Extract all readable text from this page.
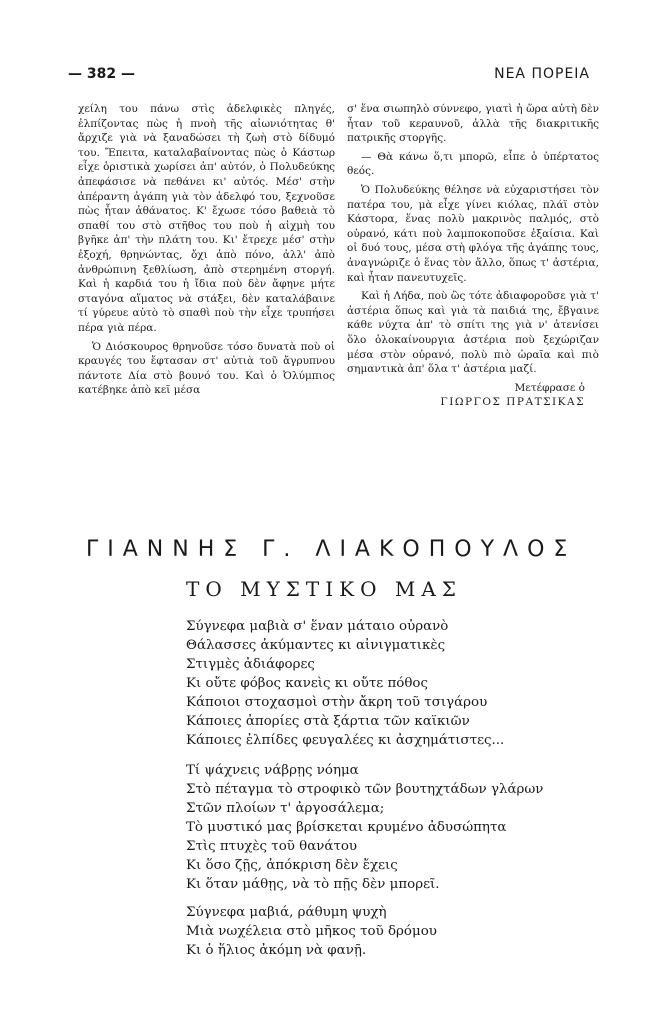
— 382 —	ΝΕΑ ΠΟΡΕΙΑ

χείλη του πάνω στὶς ἀδελφικὲς πληγές, ἐλπίζοντας πὼς ἡ πνοὴ τῆς αἰωνιότητας θ' ἄρχιζε γιὰ νὰ ξαναδώσει τὴ ζωὴ στὸ δίδυμό του. Ἔπειτα, καταλαβαίνοντας πὼς ὁ Κάστωρ εἶχε ὁριστικὰ χωρίσει ἀπ' αὐτόν, ὁ Πολυδεύκης ἀπεφάσισε νὰ πεθάνει κι' αὐτός. Μέσ' στὴν ἀπέραντη ἀγάπη γιὰ τὸν ἀδελφό του, ξεχνοῦσε πὼς ἦταν ἀθάνατος. Κ' ἔχωσε τόσο βαθειὰ τὸ σπαθί του στὸ στῆθος του ποὺ ἡ αἰχμὴ του βγῆκε ἀπ' τὴν πλάτη του. Κι' ἔτρεχε μέσ' στὴν ἐξοχή, θρηνώντας, ὄχι ἀπὸ πόνο, ἀλλ' ἀπὸ ἀνθρώπινη ξεθλίωση, ἀπὸ στερημένη στοργή. Καὶ ἡ καρδιά του ἡ ἴδια ποὺ δὲν ἄφηνε μήτε σταγόνα αἵματος νὰ στάξει, δὲν καταλάβαινε τί γύρευε αὐτὸ τὸ σπαθὶ ποὺ τὴν εἶχε τρυπήσει πέρα γιὰ πέρα.

Ὁ Διόσκουρος θρηνοῦσε τόσο δυνατὰ ποὺ οἱ κραυγές του ἔφτασαν στ' αὐτιὰ τοῦ ἄγρυπνου πάντοτε Δία στὸ βουνό του. Καὶ ὁ Ὀλύμπιος κατέβηκε ἀπὸ κεῖ μέσα

σ' ἕνα σιωπηλὸ σύννεφο, γιατὶ ἡ ὥρα αὐτὴ δὲν ἦταν τοῦ κεραυνοῦ, ἀλλὰ τῆς διακριτικῆς πατρικῆς στοργῆς.

— Θὰ κάνω ὅ,τι μπορῶ, εἶπε ὁ ὑπέρτατος θεός.

Ὁ Πολυδεύκης θέλησε νὰ εὐχαριστήσει τὸν πατέρα του, μὰ εἶχε γίνει κιόλας, πλάϊ στὸν Κάστορα, ἕνας πολὺ μακρινὸς παλμός, στὸ οὐρανό, κάτι ποὺ λαμποκοποῦσε ἐξαίσια. Καὶ οἱ δυό τους, μέσα στὴ φλόγα τῆς ἀγάπης τους, ἀναγνώριζε ὁ ἕνας τὸν ἄλλο, ὅπως τ' ἀστέρια, καὶ ἦταν πανευτυχεῖς.

Καὶ ἡ Λήδα, ποὺ ὣς τότε ἀδιαφοροῦσε γιὰ τ' ἀστέρια ὅπως καὶ γιὰ τὰ παιδιά της, ἔβγαινε κάθε νύχτα ἀπ' τὸ σπίτι της γιὰ ν' ἀτενίσει ὅλο ὁλοκαίνουργια ἀστέρια ποὺ ξεχώριζαν μέσα στὸν οὐρανό, πολὺ πιὸ ὡραῖα καὶ πιὸ σημαντικὰ ἀπ' ὅλα τ' ἀστέρια μαζί.

Μετέφρασε ὁ
ΓΙΩΡΓΟΣ ΠΡΑΤΣΙΚΑΣ
ΓΙΑΝΝΗΣ Γ. ΛΙΑΚΟΠΟΥΛΟΣ
ΤΟ ΜΥΣΤΙΚΟ ΜΑΣ
Σύγνεφα μαβιὰ σ' ἕναν μάταιο οὐρανὸ
Θάλασσες ἀκύμαντες κι αἰνιγματικὲς
Στιγμὲς ἀδιάφορες
Κι οὔτε φόβος κανεὶς κι οὔτε πόθος
Κάποιοι στοχασμοὶ στὴν ἄκρη τοῦ τσιγάρου
Κάποιες ἀπορίες στὰ ξάρτια τῶν καϊκιῶν
Κάποιες ἐλπίδες φευγαλέες κι ἀσχημάτιστες...
Τί ψάχνεις νάβρῃς νόημα
Στὸ πέταγμα τὸ στροφικὸ τῶν βουτηχτάδων γλάρων
Στῶν πλοίων τ' ἀργοσάλεμα;
Τὸ μυστικό μας βρίσκεται κρυμένο ἀδυσώπητα
Στὶς πτυχὲς τοῦ θανάτου
Κι ὅσο ζῇς, ἀπόκριση δὲν ἔχεις
Κι ὅταν μάθῃς, νὰ τὸ πῇς δὲν μπορεῖ.
Σύγνεφα μαβιά, ράθυμη ψυχὴ
Μιὰ νωχέλεια στὸ μῆκος τοῦ δρόμου
Κι ὁ ἥλιος ἀκόμη νὰ φανῇ.
